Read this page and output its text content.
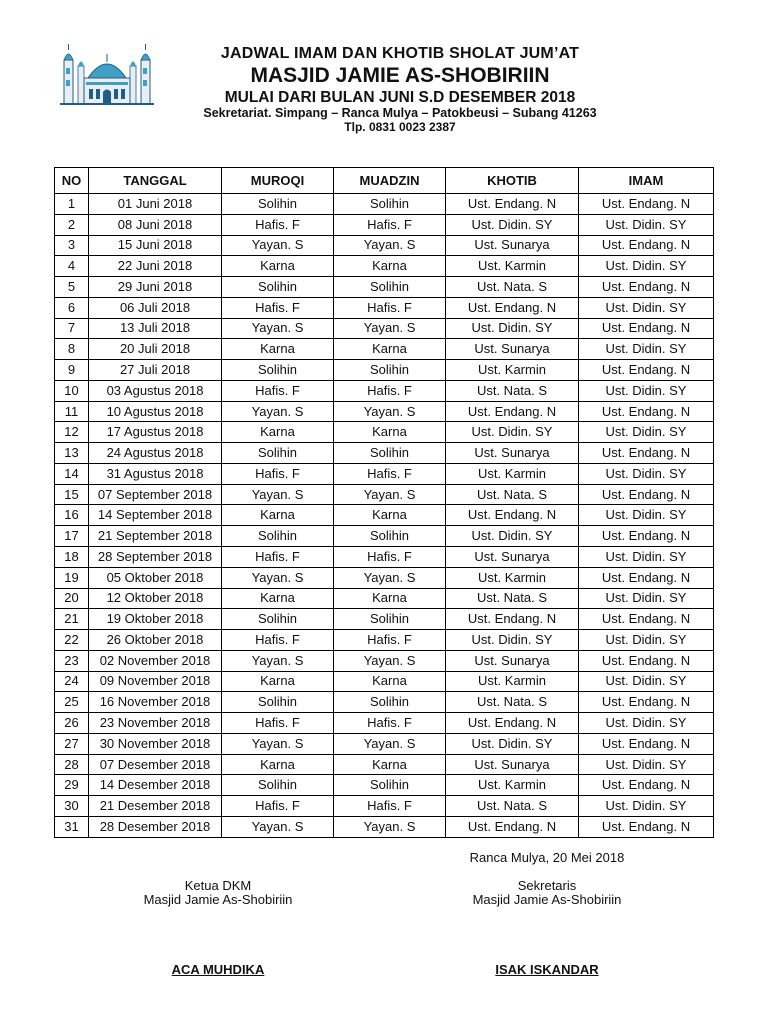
JADWAL IMAM DAN KHOTIB SHOLAT JUM’AT
MASJID JAMIE AS-SHOBIRIIN
MULAI DARI BULAN JUNI S.D DESEMBER 2018
Sekretariat. Simpang – Ranca Mulya – Patokbeusi – Subang 41263
Tlp. 0831 0023 2387
NO	TANGGAL	MUROQI	MUADZIN	KHOTIB	IMAM
1	01 Juni 2018	Solihin	Solihin	Ust. Endang. N	Ust. Endang. N
2	08 Juni 2018	Hafis. F	Hafis. F	Ust. Didin. SY	Ust. Didin. SY
3	15 Juni 2018	Yayan. S	Yayan. S	Ust. Sunarya	Ust. Endang. N
4	22 Juni 2018	Karna	Karna	Ust. Karmin	Ust. Didin. SY
5	29 Juni 2018	Solihin	Solihin	Ust. Nata. S	Ust. Endang. N
6	06 Juli 2018	Hafis. F	Hafis. F	Ust. Endang. N	Ust. Didin. SY
7	13 Juli 2018	Yayan. S	Yayan. S	Ust. Didin. SY	Ust. Endang. N
8	20 Juli 2018	Karna	Karna	Ust. Sunarya	Ust. Didin. SY
9	27 Juli 2018	Solihin	Solihin	Ust. Karmin	Ust. Endang. N
10	03 Agustus 2018	Hafis. F	Hafis. F	Ust. Nata. S	Ust. Didin. SY
11	10 Agustus 2018	Yayan. S	Yayan. S	Ust. Endang. N	Ust. Endang. N
12	17 Agustus 2018	Karna	Karna	Ust. Didin. SY	Ust. Didin. SY
13	24 Agustus 2018	Solihin	Solihin	Ust. Sunarya	Ust. Endang. N
14	31 Agustus 2018	Hafis. F	Hafis. F	Ust. Karmin	Ust. Didin. SY
15	07 September 2018	Yayan. S	Yayan. S	Ust. Nata. S	Ust. Endang. N
16	14 September 2018	Karna	Karna	Ust. Endang. N	Ust. Didin. SY
17	21 September 2018	Solihin	Solihin	Ust. Didin. SY	Ust. Endang. N
18	28 September 2018	Hafis. F	Hafis. F	Ust. Sunarya	Ust. Didin. SY
19	05 Oktober 2018	Yayan. S	Yayan. S	Ust. Karmin	Ust. Endang. N
20	12 Oktober 2018	Karna	Karna	Ust. Nata. S	Ust. Didin. SY
21	19 Oktober 2018	Solihin	Solihin	Ust. Endang. N	Ust. Endang. N
22	26 Oktober 2018	Hafis. F	Hafis. F	Ust. Didin. SY	Ust. Didin. SY
23	02 November 2018	Yayan. S	Yayan. S	Ust. Sunarya	Ust. Endang. N
24	09 November 2018	Karna	Karna	Ust. Karmin	Ust. Didin. SY
25	16 November 2018	Solihin	Solihin	Ust. Nata. S	Ust. Endang. N
26	23 November 2018	Hafis. F	Hafis. F	Ust. Endang. N	Ust. Didin. SY
27	30 November 2018	Yayan. S	Yayan. S	Ust. Didin. SY	Ust. Endang. N
28	07 Desember 2018	Karna	Karna	Ust. Sunarya	Ust. Didin. SY
29	14 Desember 2018	Solihin	Solihin	Ust. Karmin	Ust. Endang. N
30	21 Desember 2018	Hafis. F	Hafis. F	Ust. Nata. S	Ust. Didin. SY
31	28 Desember 2018	Yayan. S	Yayan. S	Ust. Endang. N	Ust. Endang. N
Ranca Mulya, 20 Mei 2018
Ketua DKM
Masjid Jamie As-Shobiriin
Sekretaris
Masjid Jamie As-Shobiriin
ACA MUHDIKA	ISAK ISKANDAR
